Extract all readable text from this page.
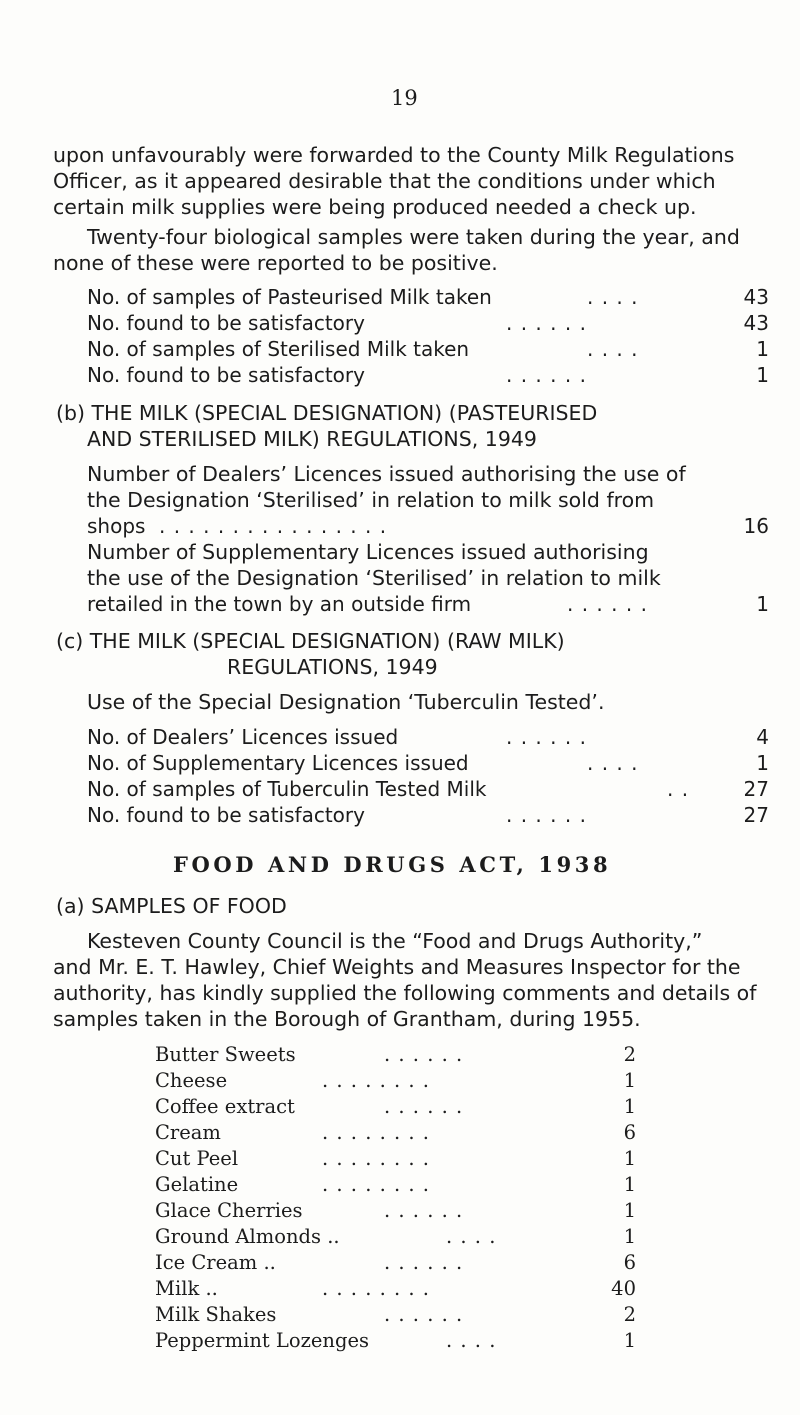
19
upon unfavourably were forwarded to the County Milk Regulations
Officer, as it appeared desirable that the conditions under which
certain milk supplies were being produced needed a check up.
Twenty-four biological samples were taken during the year, and
none of these were reported to be positive.
No. of samples of Pasteurised Milk taken	. . . .	43
No. found to be satisfactory	. . . . . .	43
No. of samples of Sterilised Milk taken	. . . .	1
No. found to be satisfactory	. . . . . .	1
(b) THE MILK (SPECIAL DESIGNATION) (PASTEURISED
AND STERILISED MILK) REGULATIONS, 1949
Number of Dealers’ Licences issued authorising the use of
the Designation ‘Sterilised’ in relation to milk sold from
shops . . . . . . . . . . . . . . . .	16
Number of Supplementary Licences issued authorising
the use of the Designation ‘Sterilised’ in relation to milk
retailed in the town by an outside firm	. . . . . .	1
(c) THE MILK (SPECIAL DESIGNATION) (RAW MILK)
REGULATIONS, 1949
Use of the Special Designation ‘Tuberculin Tested’.
No. of Dealers’ Licences issued	. . . . . .	4
No. of Supplementary Licences issued	. . . .	1
No. of samples of Tuberculin Tested Milk	. .	27
No. found to be satisfactory	. . . . . .	27
FOOD AND DRUGS ACT, 1938
(a) SAMPLES OF FOOD
Kesteven County Council is the “Food and Drugs Authority,”
and Mr. E. T. Hawley, Chief Weights and Measures Inspector for the
authority, has kindly supplied the following comments and details of
samples taken in the Borough of Grantham, during 1955.
Butter Sweets	. . . . . .	2
Cheese	. . . . . . . .	1
Coffee extract	. . . . . .	1
Cream	. . . . . . . .	6
Cut Peel	. . . . . . . .	1
Gelatine	. . . . . . . .	1
Glace Cherries	. . . . . .	1
Ground Almonds ..	. . . .	1
Ice Cream ..	. . . . . .	6
Milk ..	. . . . . . . .	40
Milk Shakes	. . . . . .	2
Peppermint Lozenges	. . . .	1
